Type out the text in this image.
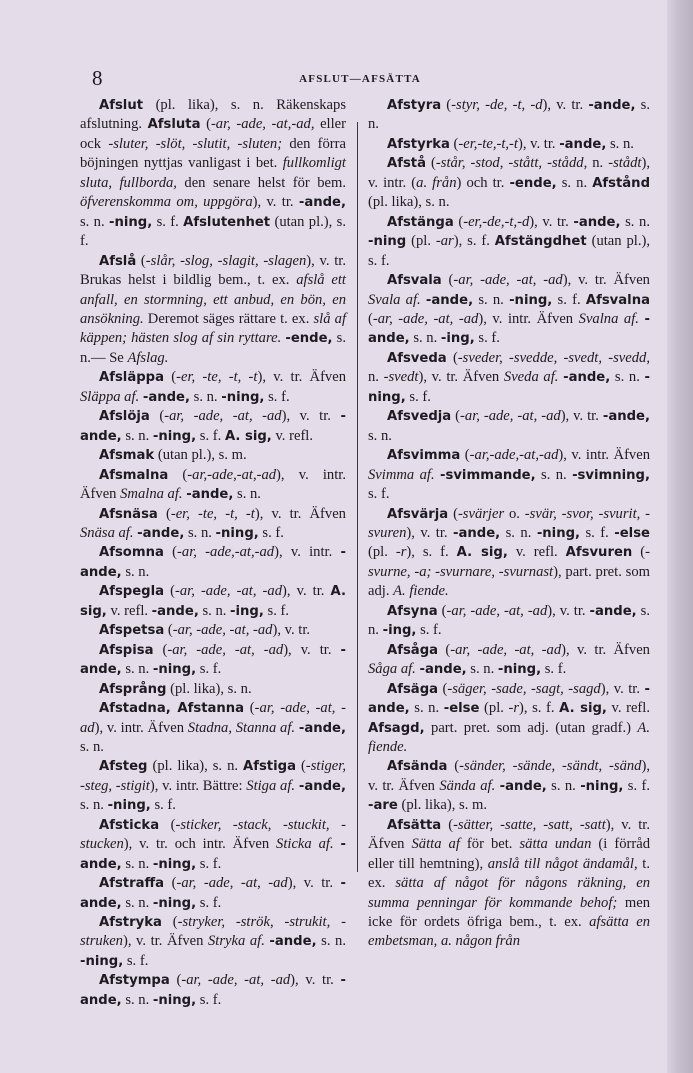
8	AFSLUT—AFSÄTTA

Afslut (pl. lika), s. n. Räkenskaps afslutning. Afsluta (-ar, -ade, -at,-ad, eller ock -sluter, -slöt, -slutit, -sluten; den förra böjningen nyttjas vanligast i bet. fullkomligt sluta, fullborda, den senare helst för bem. öfverenskomma om, uppgöra), v. tr. -ande, s. n. -ning, s. f. Afslutenhet (utan pl.), s. f.

Afslå (-slår, -slog, -slagit, -slagen), v. tr. Brukas helst i bildlig bem., t. ex. afslå ett anfall, en stormning, ett anbud, en bön, en ansökning. Deremot säges rättare t. ex. slå af käppen; hästen slog af sin ryttare. -ende, s. n.— Se Afslag.

Afsläppa (-er, -te, -t, -t), v. tr. Äfven Släppa af. -ande, s. n. -ning, s. f.

Afslöja (-ar, -ade, -at, -ad), v. tr. -ande, s. n. -ning, s. f. A. sig, v. refl.

Afsmak (utan pl.), s. m.

Afsmalna (-ar,-ade,-at,-ad), v. intr. Äfven Smalna af. -ande, s. n.

Afsnäsa (-er, -te, -t, -t), v. tr. Äfven Snäsa af. -ande, s. n. -ning, s. f.

Afsomna (-ar, -ade,-at,-ad), v. intr. -ande, s. n.

Afspegla (-ar, -ade, -at, -ad), v. tr. A. sig, v. refl. -ande, s. n. -ing, s. f.

Afspetsa (-ar, -ade, -at, -ad), v. tr.

Afspisa (-ar, -ade, -at, -ad), v. tr. -ande, s. n. -ning, s. f.

Afsprång (pl. lika), s. n.

Afstadna, Afstanna (-ar, -ade, -at, -ad), v. intr. Äfven Stadna, Stanna af. -ande, s. n.

Afsteg (pl. lika), s. n. Afstiga (-stiger, -steg, -stigit), v. intr. Bättre: Stiga af. -ande, s. n. -ning, s. f.

Afsticka (-sticker, -stack, -stuckit, -stucken), v. tr. och intr. Äfven Sticka af. -ande, s. n. -ning, s. f.

Afstraffa (-ar, -ade, -at, -ad), v. tr. -ande, s. n. -ning, s. f.

Afstryka (-stryker, -strök, -strukit, -struken), v. tr. Äfven Stryka af. -ande, s. n. -ning, s. f.

Afstympa (-ar, -ade, -at, -ad), v. tr. -ande, s. n. -ning, s. f.

Afstyra (-styr, -de, -t, -d), v. tr. -ande, s. n.

Afstyrka (-er,-te,-t,-t), v. tr. -ande, s. n.

Afstå (-står, -stod, -stått, -stådd, n. -stådt), v. intr. (a. från) och tr. -ende, s. n. Afstånd (pl. lika), s. n.

Afstänga (-er,-de,-t,-d), v. tr. -ande, s. n. -ning (pl. -ar), s. f. Afstängdhet (utan pl.), s. f.

Afsvala (-ar, -ade, -at, -ad), v. tr. Äfven Svala af. -ande, s. n. -ning, s. f. Afsvalna (-ar, -ade, -at, -ad), v. intr. Äfven Svalna af. -ande, s. n. -ing, s. f.

Afsveda (-sveder, -svedde, -svedt, -svedd, n. -svedt), v. tr. Äfven Sveda af. -ande, s. n. -ning, s. f.

Afsvedja (-ar, -ade, -at, -ad), v. tr. -ande, s. n.

Afsvimma (-ar,-ade,-at,-ad), v. intr. Äfven Svimma af. -svimmande, s. n. -svimning, s. f.

Afsvärja (-svärjer o. -svär, -svor, -svurit, -svuren), v. tr. -ande, s. n. -ning, s. f. -else (pl. -r), s. f. A. sig, v. refl. Afsvuren (-svurne, -a; -svurnare, -svurnast), part. pret. som adj. A. fiende.

Afsyna (-ar, -ade, -at, -ad), v. tr. -ande, s. n. -ing, s. f.

Afsåga (-ar, -ade, -at, -ad), v. tr. Äfven Såga af. -ande, s. n. -ning, s. f.

Afsäga (-säger, -sade, -sagt, -sagd), v. tr. -ande, s. n. -else (pl. -r), s. f. A. sig, v. refl. Afsagd, part. pret. som adj. (utan gradf.) A. fiende.

Afsända (-sänder, -sände, -sändt, -sänd), v. tr. Äfven Sända af. -ande, s. n. -ning, s. f. -are (pl. lika), s. m.

Afsätta (-sätter, -satte, -satt, -satt), v. tr. Äfven Sätta af för bet. sätta undan (i förråd eller till hemtning), anslå till något ändamål, t. ex. sätta af något för någons räkning, en summa penningar för kommande behof; men icke för ordets öfriga bem., t. ex. afsätta en embetsman, a. någon från
